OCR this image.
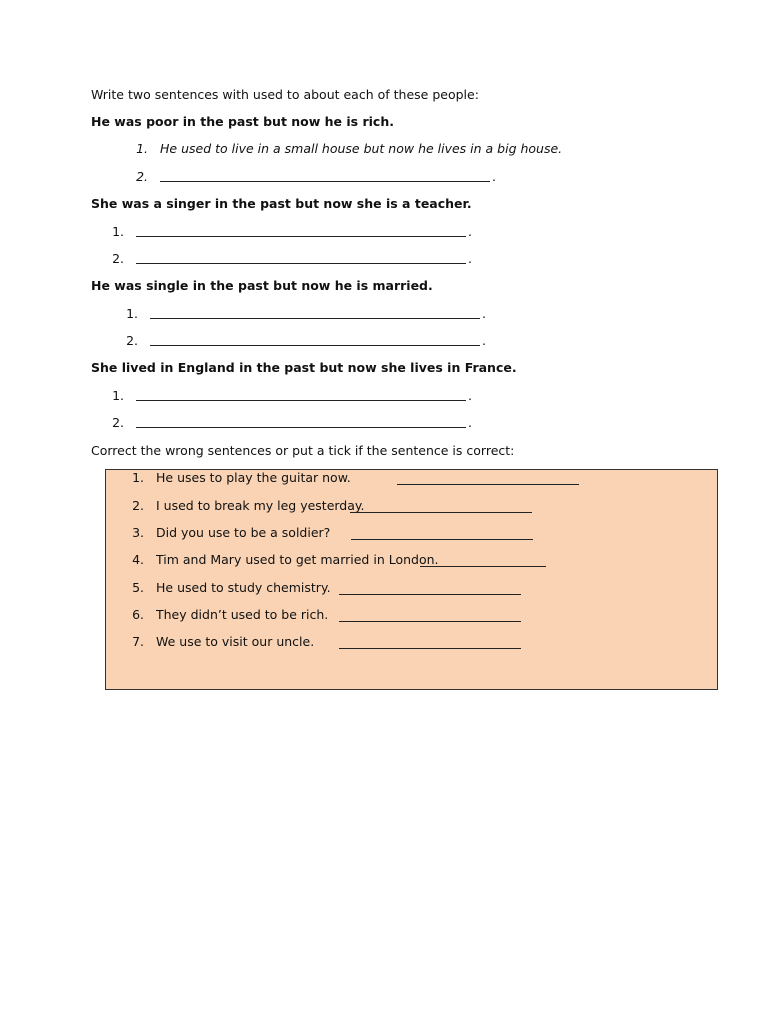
Write two sentences with used to about each of these people:
He was poor in the past but now he is rich.
1. He used to live in a small house but now he lives in a big house.
2.	.
She was a singer in the past but now she is a teacher.
1.	.
2.	.
He was single in the past but now he is married.
1.	.
2.	.
She lived in England in the past but now she lives in France.
1.	.
2.	.
Correct the wrong sentences or put a tick if the sentence is correct:
1. He uses to play the guitar now.
2. I used to break my leg yesterday.
3. Did you use to be a soldier?
4. Tim and Mary used to get married in London.
5. He used to study chemistry.
6. They didn’t used to be rich.
7. We use to visit our uncle.
